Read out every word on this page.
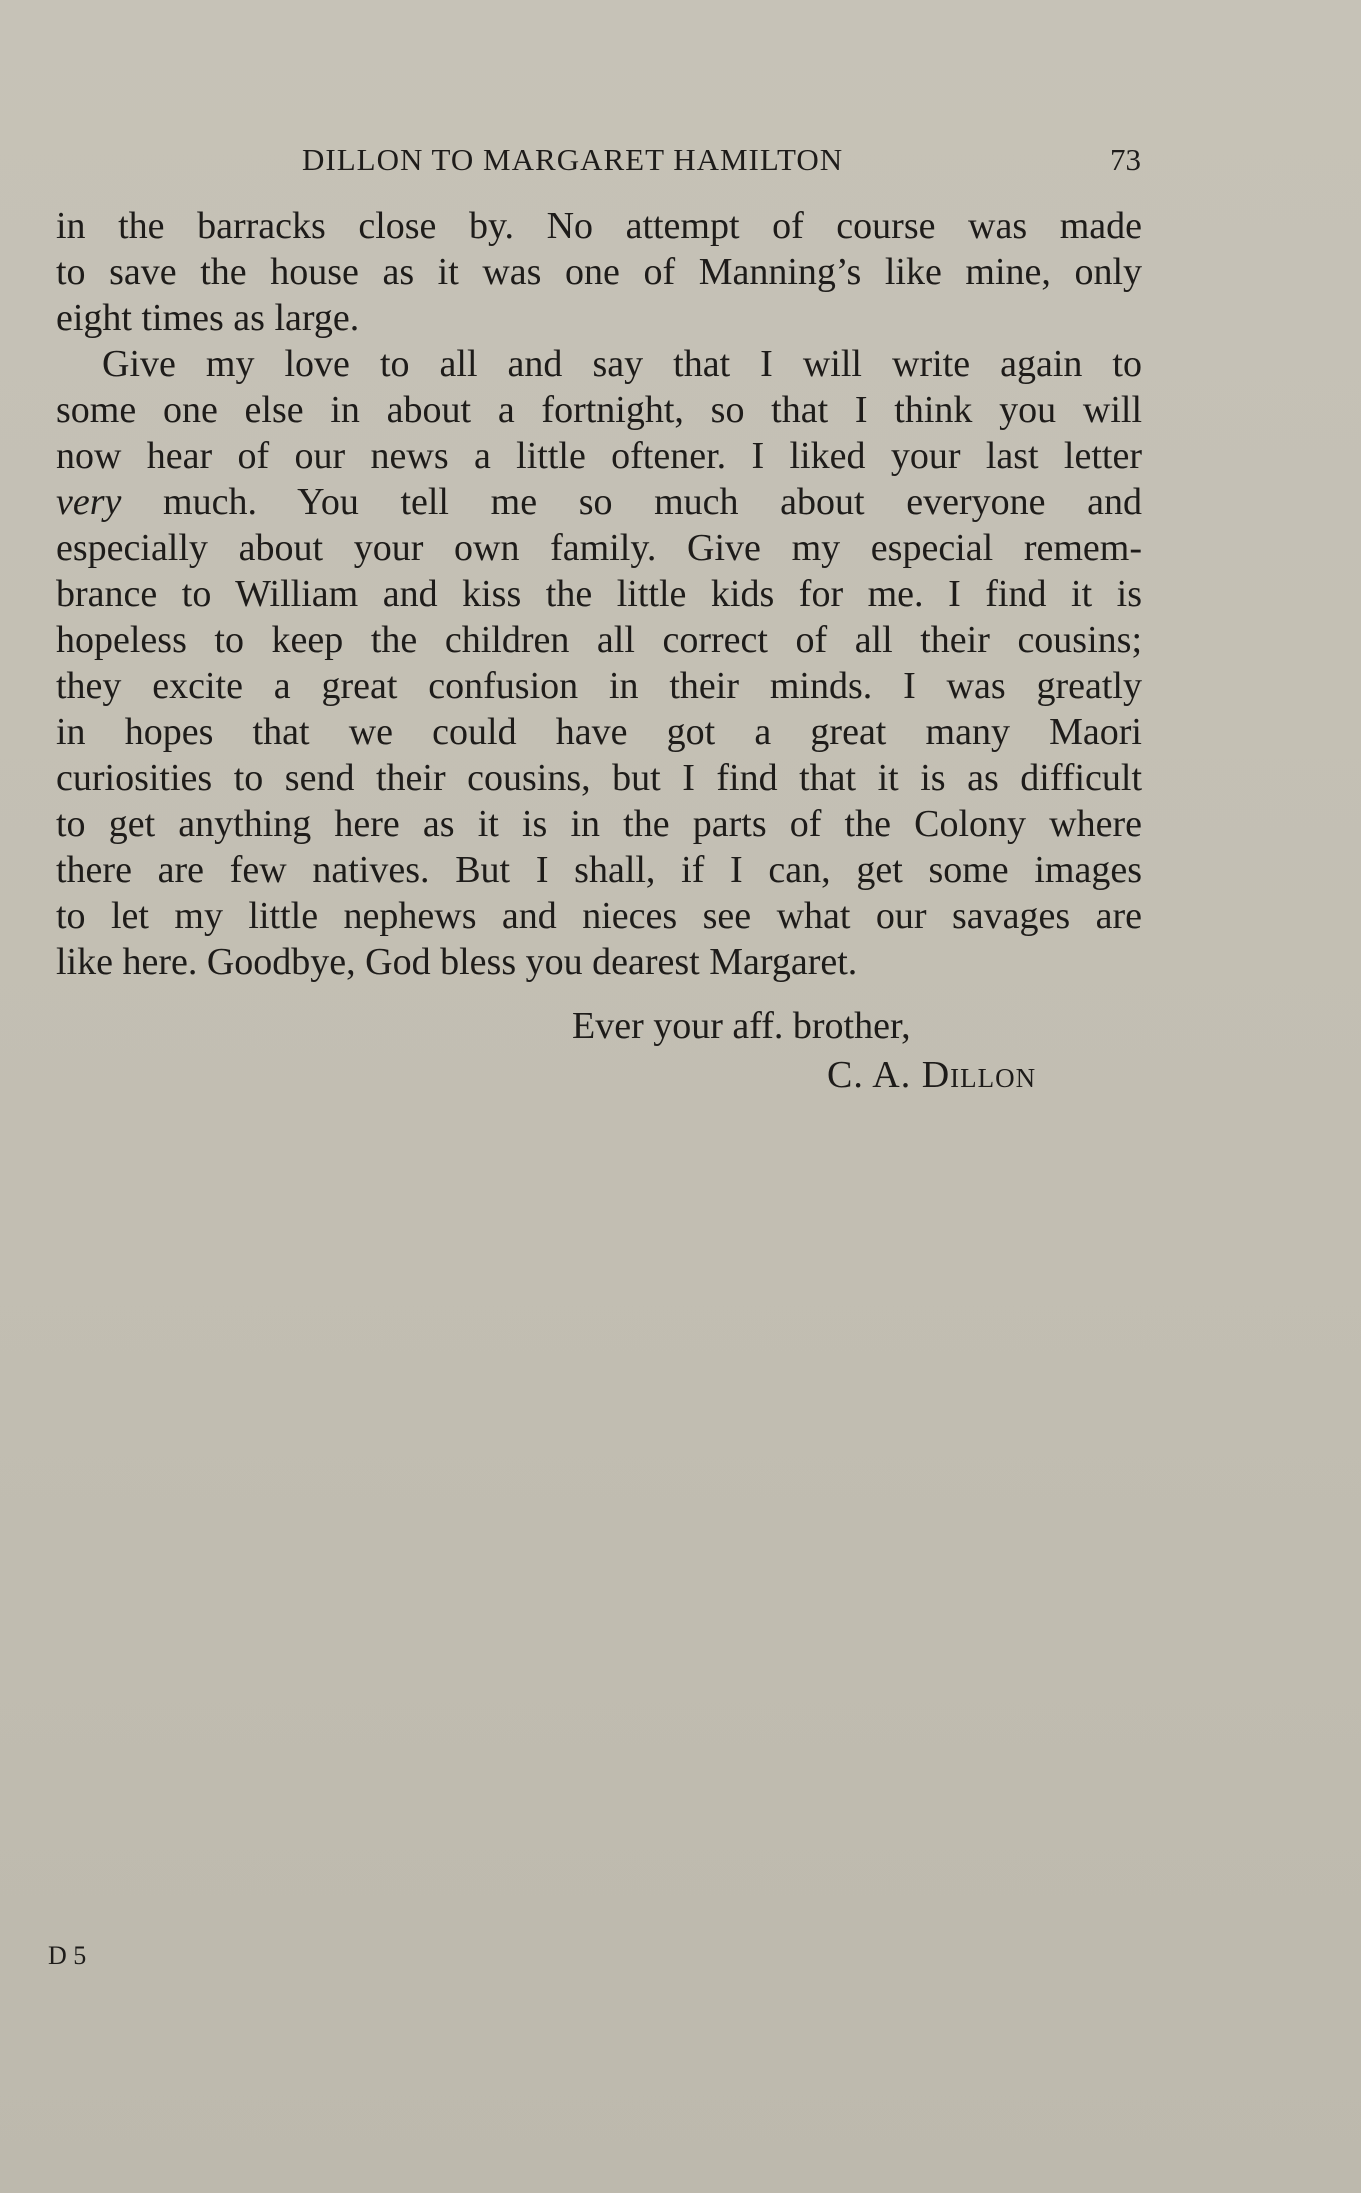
DILLON TO MARGARET HAMILTON	73
in the barracks close by. No attempt of course was made
to save the house as it was one of Manning’s like mine, only
eight times as large.
Give my love to all and say that I will write again to
some one else in about a fortnight, so that I think you will
now hear of our news a little oftener. I liked your last letter
very much. You tell me so much about everyone and
especially about your own family. Give my especial remem-
brance to William and kiss the little kids for me. I find it is
hopeless to keep the children all correct of all their cousins;
they excite a great confusion in their minds. I was greatly
in hopes that we could have got a great many Maori
curiosities to send their cousins, but I find that it is as difficult
to get anything here as it is in the parts of the Colony where
there are few natives. But I shall, if I can, get some images
to let my little nephews and nieces see what our savages are
like here. Goodbye, God bless you dearest Margaret.
Ever your aff. brother,
C. A. Dillon
D 5
